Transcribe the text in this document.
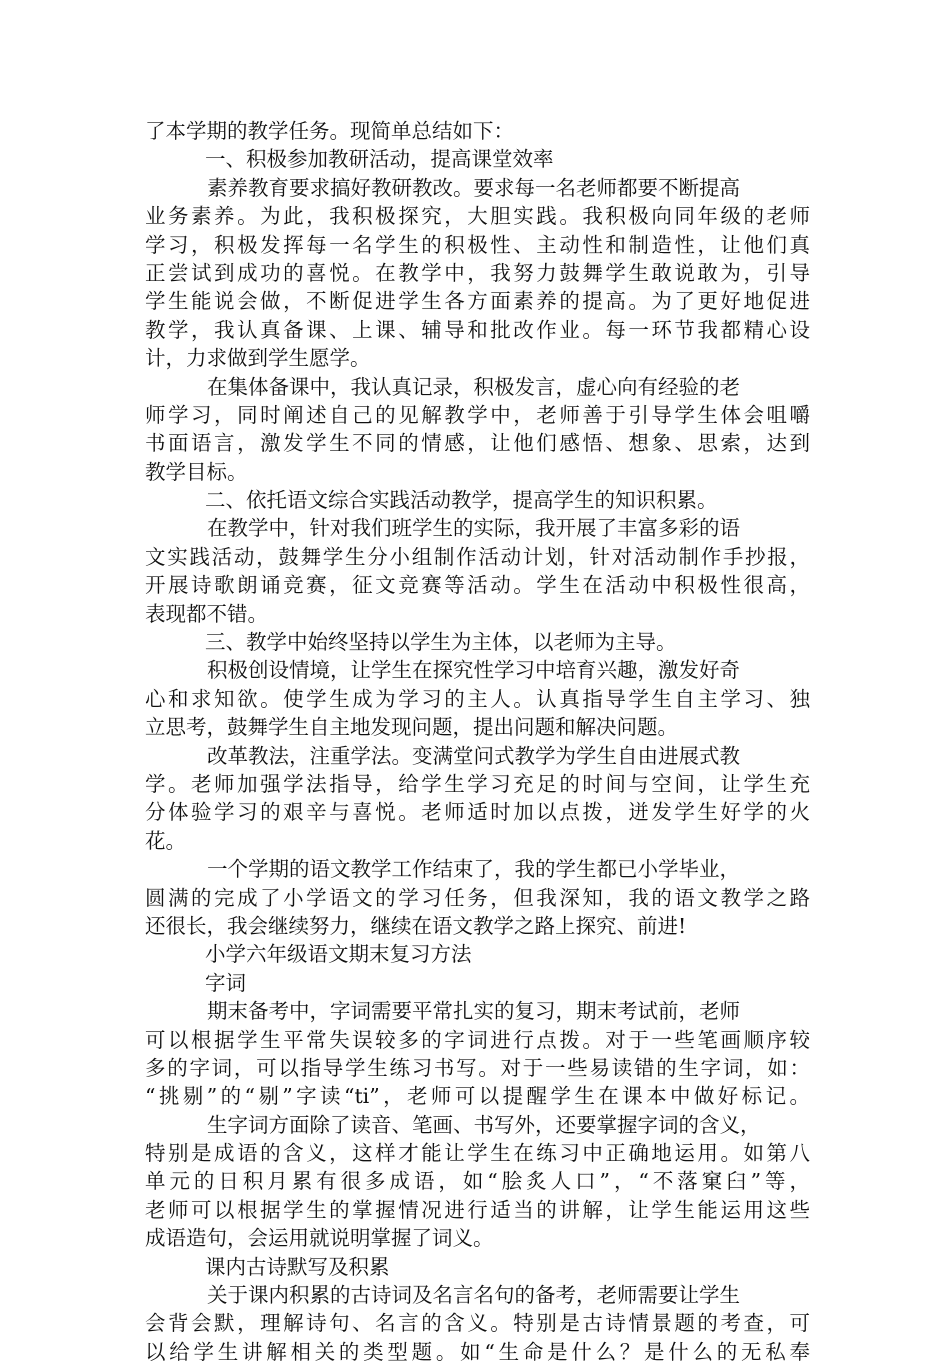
了本学期的教学任务。现简单总结如下：
一、积极参加教研活动，提高课堂效率
素养教育要求搞好教研教改。要求每一名老师都要不断提高
业务素养。为此，我积极探究，大胆实践。我积极向同年级的老师
学习，积极发挥每一名学生的积极性、主动性和制造性，让他们真
正尝试到成功的喜悦。在教学中，我努力鼓舞学生敢说敢为，引导
学生能说会做，不断促进学生各方面素养的提高。为了更好地促进
教学，我认真备课、上课、辅导和批改作业。每一环节我都精心设
计，力求做到学生愿学。
在集体备课中，我认真记录，积极发言，虚心向有经验的老
师学习，同时阐述自己的见解教学中，老师善于引导学生体会咀嚼
书面语言，激发学生不同的情感，让他们感悟、想象、思索，达到
教学目标。
二、依托语文综合实践活动教学，提高学生的知识积累。
在教学中，针对我们班学生的实际，我开展了丰富多彩的语
文实践活动，鼓舞学生分小组制作活动计划，针对活动制作手抄报，
开展诗歌朗诵竞赛，征文竞赛等活动。学生在活动中积极性很高，
表现都不错。
三、教学中始终坚持以学生为主体，以老师为主导。
积极创设情境，让学生在探究性学习中培育兴趣，激发好奇
心和求知欲。使学生成为学习的主人。认真指导学生自主学习、独
立思考，鼓舞学生自主地发现问题，提出问题和解决问题。
改革教法，注重学法。变满堂问式教学为学生自由进展式教
学。老师加强学法指导，给学生学习充足的时间与空间，让学生充
分体验学习的艰辛与喜悦。老师适时加以点拨，迸发学生好学的火
花。
一个学期的语文教学工作结束了，我的学生都已小学毕业，
圆满的完成了小学语文的学习任务，但我深知，我的语文教学之路
还很长，我会继续努力，继续在语文教学之路上探究、前进!
小学六年级语文期末复习方法
字词
期末备考中，字词需要平常扎实的复习，期末考试前，老师
可以根据学生平常失误较多的字词进行点拨。对于一些笔画顺序较
多的字词，可以指导学生练习书写。对于一些易读错的生字词，如：
“挑剔”的“剔”字读“ti”，老师可以提醒学生在课本中做好标记。
生字词方面除了读音、笔画、书写外，还要掌握字词的含义，
特别是成语的含义，这样才能让学生在练习中正确地运用。如第八
单元的日积月累有很多成语，如“脍炙人口”，“不落窠臼”等，
老师可以根据学生的掌握情况进行适当的讲解，让学生能运用这些
成语造句，会运用就说明掌握了词义。
课内古诗默写及积累
关于课内积累的古诗词及名言名句的备考，老师需要让学生
会背会默，理解诗句、名言的含义。特别是古诗情景题的考查，可
以给学生讲解相关的类型题。如“生命是什么？是什么的无私奉
